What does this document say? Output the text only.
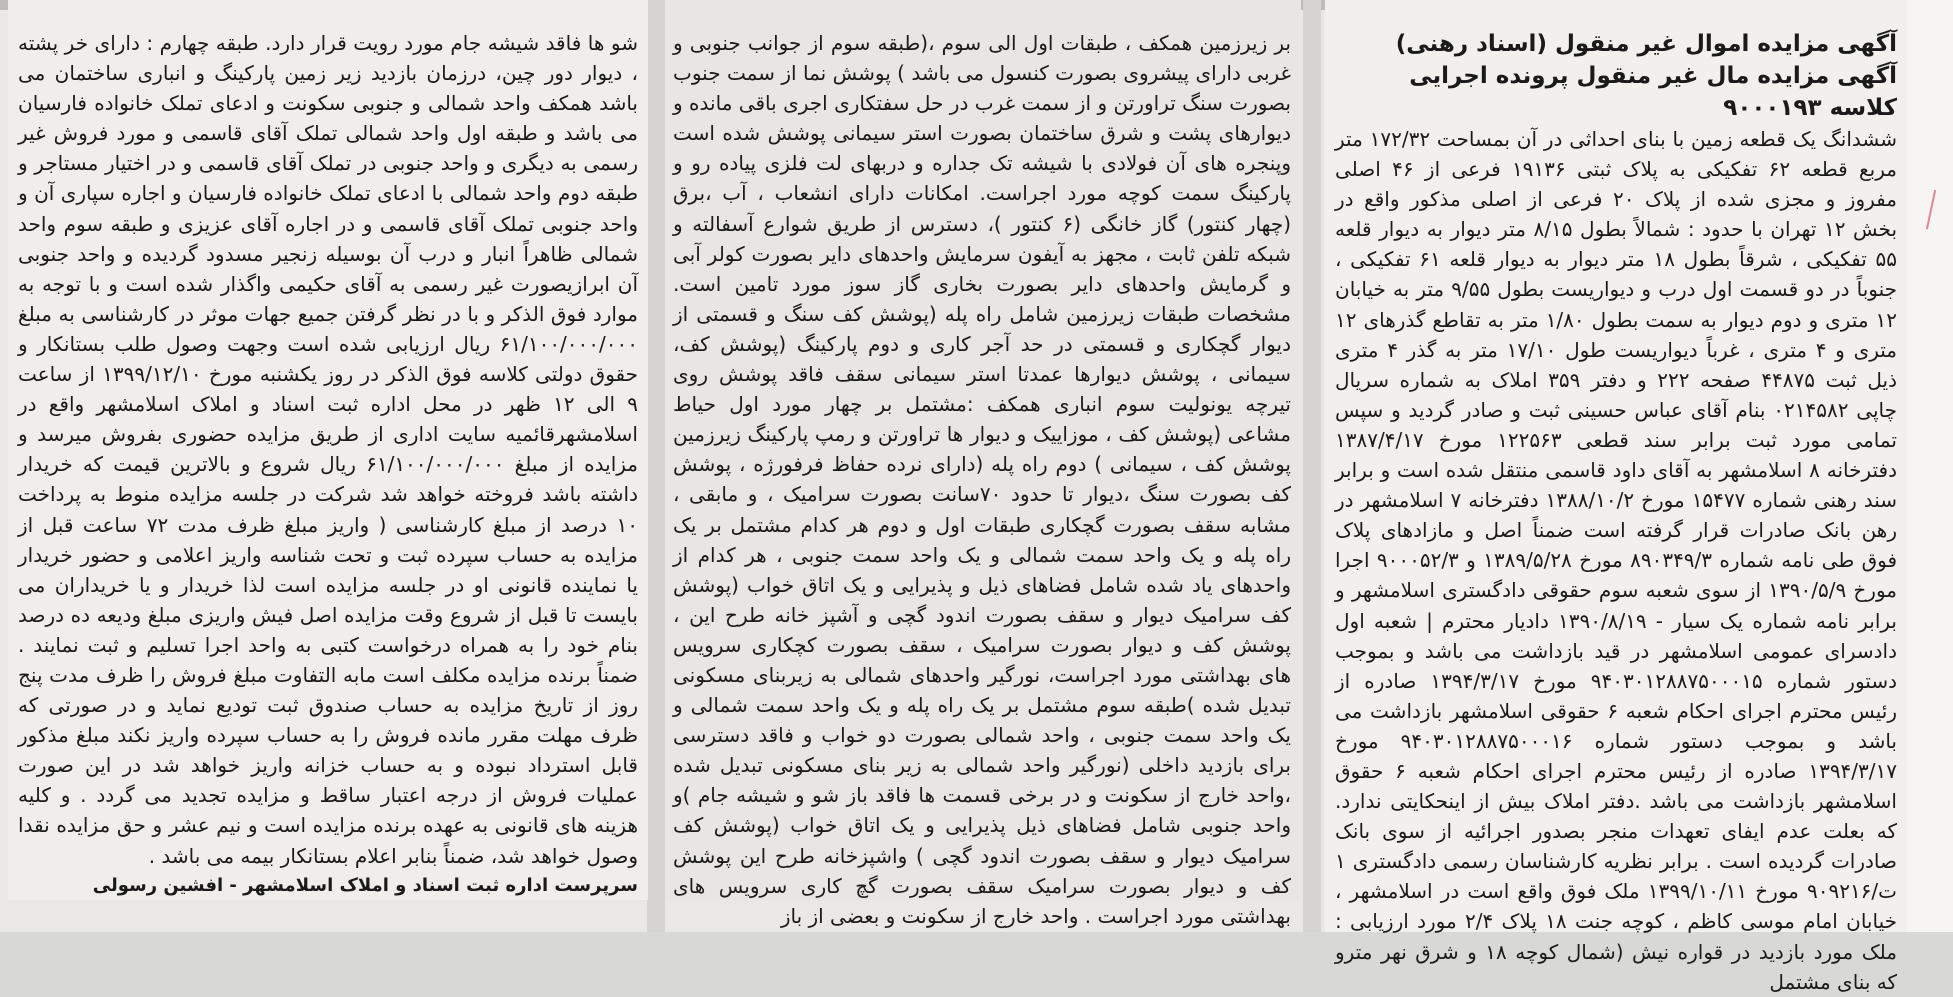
آگهی مزایده اموال غیر منقول (اسناد رهنی) آگهی مزایده مال غیر منقول پرونده اجرایی کلاسه ۹۰۰۰۱۹۳

ششدانگ یک قطعه زمین با بنای احداثی در آن بمساحت ۱۷۲/۳۲ متر مربع قطعه ۶۲ تفکیکی به پلاک ثبتی ۱۹۱۳۶ فرعی از ۴۶ اصلی مفروز و مجزی شده از پلاک ۲۰ فرعی از اصلی مذکور واقع در بخش ۱۲ تهران با حدود : شمالاً بطول ۸/۱۵ متر دیوار به دیوار قلعه ۵۵ تفکیکی ، شرقاً بطول ۱۸ متر دیوار به دیوار قلعه ۶۱ تفکیکی ، جنوباً در دو قسمت اول درب و دیواریست بطول ۹/۵۵ متر به خیابان ۱۲ متری و دوم دیوار به سمت بطول ۱/۸۰ متر به تقاطع گذرهای ۱۲ متری و ۴ متری ، غرباً دیواریست طول ۱۷/۱۰ متر به گذر ۴ متری ذیل ثبت ۴۴۸۷۵ صفحه ۲۲۲ و دفتر ۳۵۹ املاک به شماره سریال چاپی ۰۲۱۴۵۸۲ بنام آقای عباس حسینی ثبت و صادر گردید و سپس تمامی مورد ثبت برابر سند قطعی ۱۲۲۵۶۳ مورخ ۱۳۸۷/۴/۱۷ دفترخانه ۸ اسلامشهر به آقای داود قاسمی منتقل شده است و برابر سند رهنی شماره ۱۵۴۷۷ مورخ ۱۳۸۸/۱۰/۲ دفترخانه ۷ اسلامشهر در رهن بانک صادرات قرار گرفته است ضمناً اصل و مازادهای پلاک فوق طی نامه شماره ۸۹۰۳۴۹/۳ مورخ ۱۳۸۹/۵/۲۸ و ۹۰۰۰۵۲/۳ اجرا مورخ ۱۳۹۰/۵/۹ از سوی شعبه سوم حقوقی دادگستری اسلامشهر و برابر نامه شماره یک سیار - ۱۳۹۰/۸/۱۹ دادیار محترم | شعبه اول دادسرای عمومی اسلامشهر در قید بازداشت می باشد و بموجب دستور شماره ۹۴۰۳۰۱۲۸۸۷۵۰۰۰۱۵ مورخ ۱۳۹۴/۳/۱۷ صادره از رئیس محترم اجرای احکام شعبه ۶ حقوقی اسلامشهر بازداشت می باشد و بموجب دستور شماره ۹۴۰۳۰۱۲۸۸۷۵۰۰۰۱۶ مورخ ۱۳۹۴/۳/۱۷ صادره از رئیس محترم اجرای احکام شعبه ۶ حقوق اسلامشهر بازداشت می باشد .دفتر املاک بیش از اینحکایتی ندارد. که بعلت عدم ایفای تعهدات منجر بصدور اجرائیه از سوی بانک صادرات گردیده است . برابر نظریه کارشناسان رسمی دادگستری ۱ ت/۹۰۹۲۱۶ مورخ ۱۳۹۹/۱۰/۱۱ ملک فوق واقع است در اسلامشهر ، خیابان امام موسی کاظم ، کوچه جنت ۱۸ پلاک ۲/۴ مورد ارزیابی : ملک مورد بازدید در قواره نیش (شمال کوچه ۱۸ و شرق نهر مترو که بنای مشتمل

بر زیرزمین همکف ، طبقات اول الی سوم ،(طبقه سوم از جوانب جنوبی و غربی دارای پیشروی بصورت کنسول می باشد ) پوشش نما از سمت جنوب بصورت سنگ تراورتن و از سمت غرب در حل سفتکاری اجری باقی مانده و دیوارهای پشت و شرق ساختمان بصورت استر سیمانی پوشش شده است وپنجره های آن فولادی با شیشه تک جداره و دربهای لت فلزی پیاده رو و پارکینگ سمت کوچه مورد اجراست. امکانات دارای انشعاب ، آب ،برق (چهار کنتور) گاز خانگی (۶ کنتور )، دسترس از طریق شوارع آسفالته و شبکه تلفن ثابت ، مجهز به آیفون سرمایش واحدهای دایر بصورت کولر آبی و گرمایش واحدهای دایر بصورت بخاری گاز سوز مورد تامین است. مشخصات طبقات زیرزمین شامل راه پله (پوشش کف سنگ و قسمتی از دیوار گچکاری و قسمتی در حد آجر کاری و دوم پارکینگ (پوشش کف، سیمانی ، پوشش دیوارها عمدتا استر سیمانی سقف فاقد پوشش روی تیرچه یونولیت سوم انباری همکف :مشتمل بر چهار مورد اول حیاط مشاعی (پوشش کف ، موزاییک و دیوار ها تراورتن و رمپ پارکینگ زیرزمین پوشش کف ، سیمانی ) دوم راه پله (دارای نرده حفاظ فرفورژه ، پوشش کف بصورت سنگ ،دیوار تا حدود ۷۰سانت بصورت سرامیک ، و مابقی ، مشابه سقف بصورت گچکاری طبقات اول و دوم هر کدام مشتمل بر یک راه پله و یک واحد سمت شمالی و یک واحد سمت جنوبی ، هر کدام از واحدهای یاد شده شامل فضاهای ذیل و پذیرایی و یک اتاق خواب (پوشش کف سرامیک دیوار و سقف بصورت اندود گچی و آشپز خانه طرح این ، پوشش کف و دیوار بصورت سرامیک ، سقف بصورت کچکاری سرویس های بهداشتی مورد اجراست، نورگیر واحدهای شمالی به زیربنای مسکونی تبدیل شده )طبقه سوم مشتمل بر یک راه پله و یک واحد سمت شمالی و یک واحد سمت جنوبی ، واحد شمالی بصورت دو خواب و فاقد دسترسی برای بازدید داخلی (نورگیر واحد شمالی به زیر بنای مسکونی تبدیل شده ،واحد خارج از سکونت و در برخی قسمت ها فاقد باز شو و شیشه جام )و واحد جنوبی شامل فضاهای ذیل پذیرایی و یک اتاق خواب (پوشش کف سرامیک دیوار و سقف بصورت اندود گچی ) واشپزخانه طرح این پوشش کف و دیوار بصورت سرامیک سقف بصورت گچ کاری سرویس های بهداشتی مورد اجراست . واحد خارج از سکونت و بعضی از باز

شو ها فاقد شیشه جام مورد رویت قرار دارد. طبقه چهارم : دارای خر پشته ، دیوار دور چین، درزمان بازدید زیر زمین پارکینگ و انباری ساختمان می باشد همکف واحد شمالی و جنوبی سکونت و ادعای تملک خانواده فارسیان می باشد و طبقه اول واحد شمالی تملک آقای قاسمی و مورد فروش غیر رسمی به دیگری و واحد جنوبی در تملک آقای قاسمی و در اختیار مستاجر و طبقه دوم واحد شمالی با ادعای تملک خانواده فارسیان و اجاره سپاری آن و واحد جنوبی تملک آقای قاسمی و در اجاره آقای عزیزی و طبقه سوم واحد شمالی ظاهراً انبار و درب آن بوسیله زنجیر مسدود گردیده و واحد جنوبی آن ابرازیصورت غیر رسمی به آقای حکیمی واگذار شده است و با توجه به موارد فوق الذکر و با در نظر گرفتن جمیع جهات موثر در کارشناسی به مبلغ ۶۱/۱۰۰/۰۰۰/۰۰۰ ریال ارزیابی شده است وجهت وصول طلب بستانکار و حقوق دولتی کلاسه فوق الذکر در روز یکشنبه مورخ ۱۳۹۹/۱۲/۱۰ از ساعت ۹ الی ۱۲ ظهر در محل اداره ثبت اسناد و املاک اسلامشهر واقع در اسلامشهرقائمیه سایت اداری از طریق مزایده حضوری بفروش میرسد و مزایده از مبلغ ۶۱/۱۰۰/۰۰۰/۰۰۰ ریال شروع و بالاترین قیمت که خریدار داشته باشد فروخته خواهد شد شرکت در جلسه مزایده منوط به پرداخت ۱۰ درصد از مبلغ کارشناسی ( واریز مبلغ ظرف مدت ۷۲ ساعت قبل از مزایده به حساب سپرده ثبت و تحت شناسه واریز اعلامی و حضور خریدار یا نماینده قانونی او در جلسه مزایده است لذا خریدار و یا خریداران می بایست تا قبل از شروع وقت مزایده اصل فیش واریزی مبلغ ودیعه ده درصد بنام خود را به همراه درخواست کتبی به واحد اجرا تسلیم و ثبت نمایند . ضمناً برنده مزایده مکلف است مابه التفاوت مبلغ فروش را ظرف مدت پنج روز از تاریخ مزایده به حساب صندوق ثبت تودیع نماید و در صورتی که ظرف مهلت مقرر مانده فروش را به حساب سپرده واریز نکند مبلغ مذکور قابل استرداد نبوده و به حساب خزانه واریز خواهد شد در این صورت عملیات فروش از درجه اعتبار ساقط و مزایده تجدید می گردد . و کلیه هزینه های قانونی به عهده برنده مزایده است و نیم عشر و حق مزایده نقدا وصول خواهد شد، ضمناً بنابر اعلام بستانکار بیمه می باشد .

سرپرست اداره ثبت اسناد و املاک اسلامشهر - افشین رسولی
